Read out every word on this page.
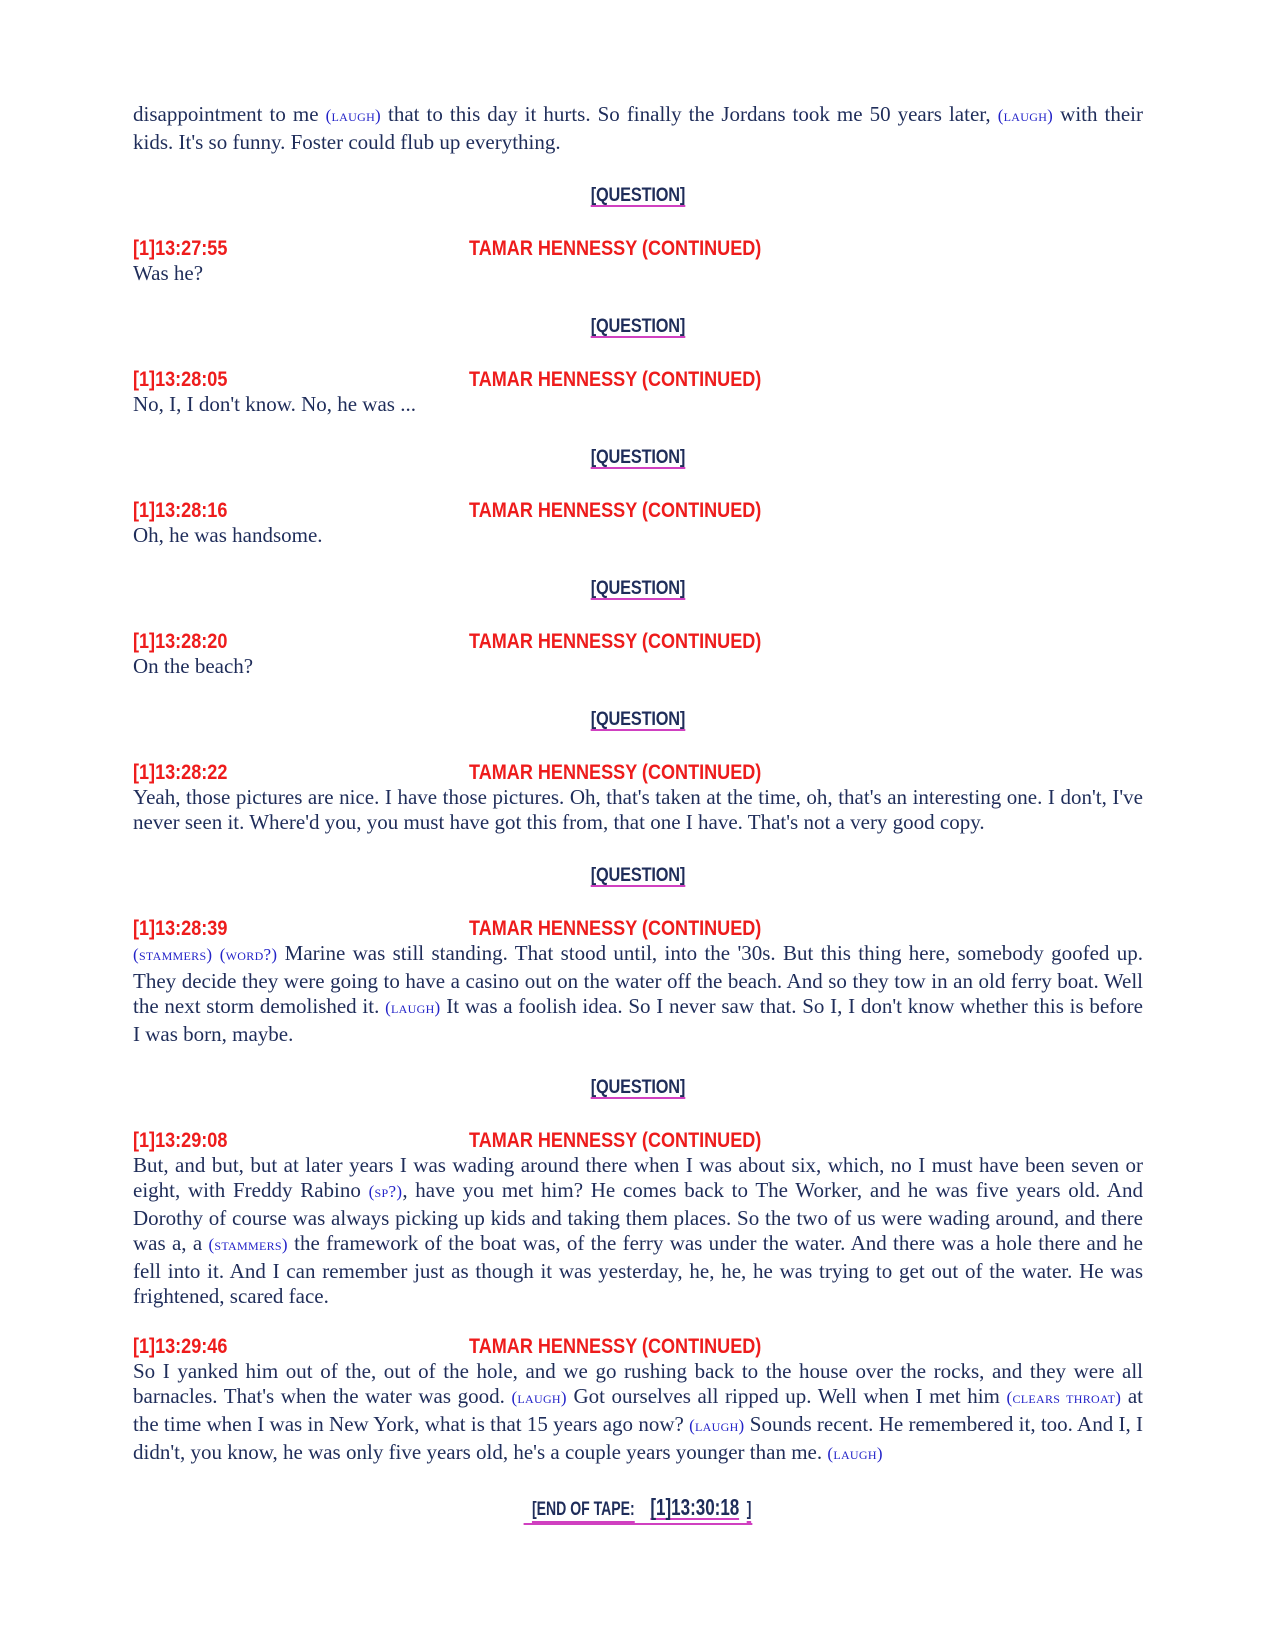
disappointment to me (laugh) that to this day it hurts. So finally the Jordans took me 50 years later, (laugh) with their kids. It's so funny. Foster could flub up everything.

[QUESTION]
[1]13:27:55	TAMAR HENNESSY (CONTINUED)

Was he?

[QUESTION]
[1]13:28:05	TAMAR HENNESSY (CONTINUED)

No, I, I don't know. No, he was ...

[QUESTION]
[1]13:28:16	TAMAR HENNESSY (CONTINUED)

Oh, he was handsome.

[QUESTION]
[1]13:28:20	TAMAR HENNESSY (CONTINUED)

On the beach?

[QUESTION]
[1]13:28:22	TAMAR HENNESSY (CONTINUED)

Yeah, those pictures are nice. I have those pictures. Oh, that's taken at the time, oh, that's an interesting one. I don't, I've never seen it. Where'd you, you must have got this from, that one I have. That's not a very good copy.

[QUESTION]
[1]13:28:39	TAMAR HENNESSY (CONTINUED)

(stammers) (word?) Marine was still standing. That stood until, into the '30s. But this thing here, somebody goofed up. They decide they were going to have a casino out on the water off the beach. And so they tow in an old ferry boat. Well the next storm demolished it. (laugh) It was a foolish idea. So I never saw that. So I, I don't know whether this is before I was born, maybe.

[QUESTION]
[1]13:29:08	TAMAR HENNESSY (CONTINUED)

But, and but, but at later years I was wading around there when I was about six, which, no I must have been seven or eight, with Freddy Rabino (sp?), have you met him? He comes back to The Worker, and he was five years old. And Dorothy of course was always picking up kids and taking them places. So the two of us were wading around, and there was a, a (stammers) the framework of the boat was, of the ferry was under the water. And there was a hole there and he fell into it. And I can remember just as though it was yesterday, he, he, he was trying to get out of the water. He was frightened, scared face.

[1]13:29:46	TAMAR HENNESSY (CONTINUED)

So I yanked him out of the, out of the hole, and we go rushing back to the house over the rocks, and they were all barnacles. That's when the water was good. (laugh) Got ourselves all ripped up. Well when I met him (clears throat) at the time when I was in New York, what is that 15 years ago now? (laugh) Sounds recent. He remembered it, too. And I, I didn't, you know, he was only five years old, he's a couple years younger than me. (laugh)

[END OF TAPE:[1]13:30:18 ]
